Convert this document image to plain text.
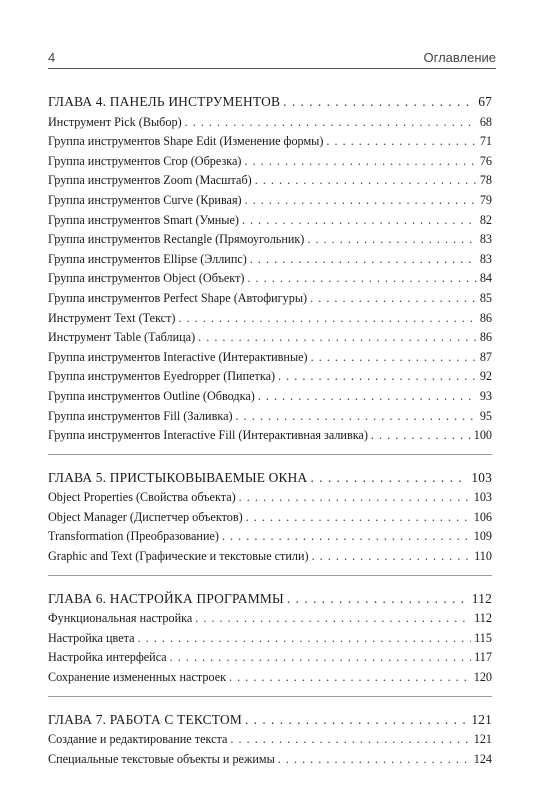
4	Оглавление
ГЛАВА 4. ПАНЕЛЬ ИНСТРУМЕНТОВ . . .	67
Инструмент Pick (Выбор) . . .	68
Группа инструментов Shape Edit (Изменение формы) . . .	71
Группа инструментов Crop (Обрезка) . . .	76
Группа инструментов Zoom (Масштаб) . . .	78
Группа инструментов Curve (Кривая) . . .	79
Группа инструментов Smart (Умные) . . .	82
Группа инструментов Rectangle (Прямоугольник) . . .	83
Группа инструментов Ellipse (Эллипс) . . .	83
Группа инструментов Object (Объект) . . .	84
Группа инструментов Perfect Shape (Автофигуры) . . .	85
Инструмент Text (Текст) . . .	86
Инструмент Table (Таблица) . . .	86
Группа инструментов Interactive (Интерактивные) . . .	87
Группа инструментов Eyedropper (Пипетка) . . .	92
Группа инструментов Outline (Обводка) . . .	93
Группа инструментов Fill (Заливка) . . .	95
Группа инструментов Interactive Fill (Интерактивная заливка) . . .	100
ГЛАВА 5. ПРИСТЫКОВЫВАЕМЫЕ ОКНА . . .	103
Object Properties (Свойства объекта) . . .	103
Object Manager (Диспетчер объектов) . . .	106
Transformation (Преобразование) . . .	109
Graphic and Text (Графические и текстовые стили) . . .	110
ГЛАВА 6. НАСТРОЙКА ПРОГРАММЫ . . .	112
Функциональная настройка . . .	112
Настройка цвета . . .	115
Настройка интерфейса . . .	117
Сохранение измененных настроек . . .	120
ГЛАВА 7. РАБОТА С ТЕКСТОМ . . .	121
Создание и редактирование текста . . .	121
Специальные текстовые объекты и режимы . . .	124
